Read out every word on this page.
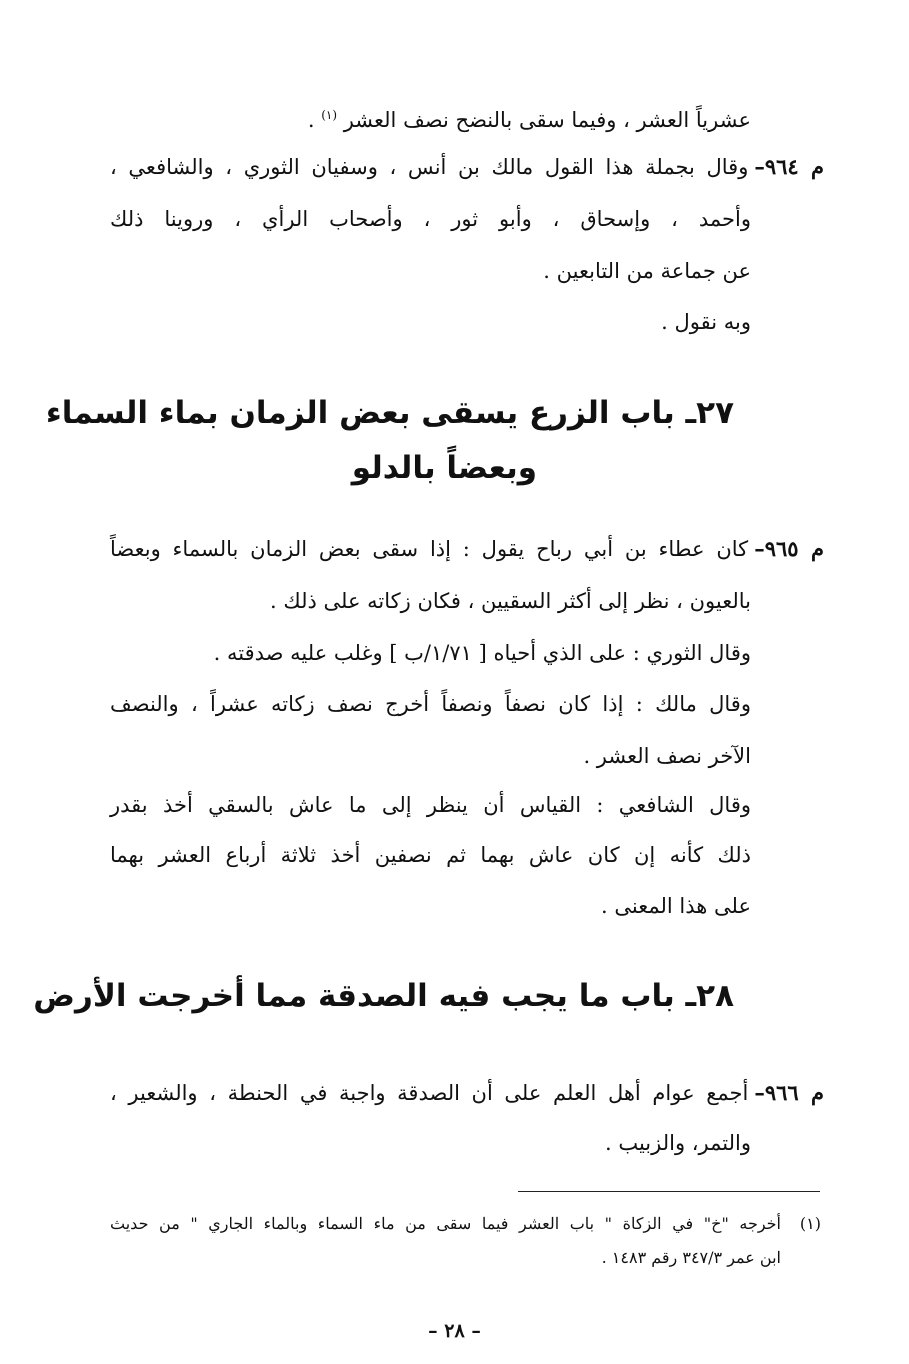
عشرياً العشر ، وفيما سقى بالنضح نصف العشر $^{(١)}$ .
م ٩٦٤–وقال بجملة هذا القول مالك بن أنس ، وسفيان الثوري ، والشافعي ،
وأحمد ، وإسحاق ، وأبو ثور ، وأصحاب الرأي ، وروينا ذلك
عن جماعة من التابعين .
وبه نقول .
٢٧ـ باب الزرع يسقى بعض الزمان بماء السماء
وبعضاً بالدلو
م ٩٦٥–كان عطاء بن أبي رباح يقول : إذا سقى بعض الزمان بالسماء وبعضاً
بالعيون ، نظر إلى أكثر السقيين ، فكان زكاته على ذلك .
وقال الثوري : على الذي أحياه [ ١/٧١/ب ] وغلب عليه صدقته .
وقال مالك : إذا كان نصفاً ونصفاً أخرج نصف زكاته عشراً ، والنصف
الآخر نصف العشر .
وقال الشافعي : القياس أن ينظر إلى ما عاش بالسقي أخذ بقدر
ذلك كأنه إن كان عاش بهما ثم نصفين أخذ ثلاثة أرباع العشر بهما
على هذا المعنى .
٢٨ـ باب ما يجب فيه الصدقة مما أخرجت الأرض
م ٩٦٦–أجمع عوام أهل العلم على أن الصدقة واجبة في الحنطة ، والشعير ،
والتمر، والزبيب .
(١)
أخرجه "خ" في الزكاة " باب العشر فيما سقى من ماء السماء وبالماء الجاري " من حديث
ابن عمر ٣٤٧/٣ رقم ١٤٨٣ .
– ٢٨ –
